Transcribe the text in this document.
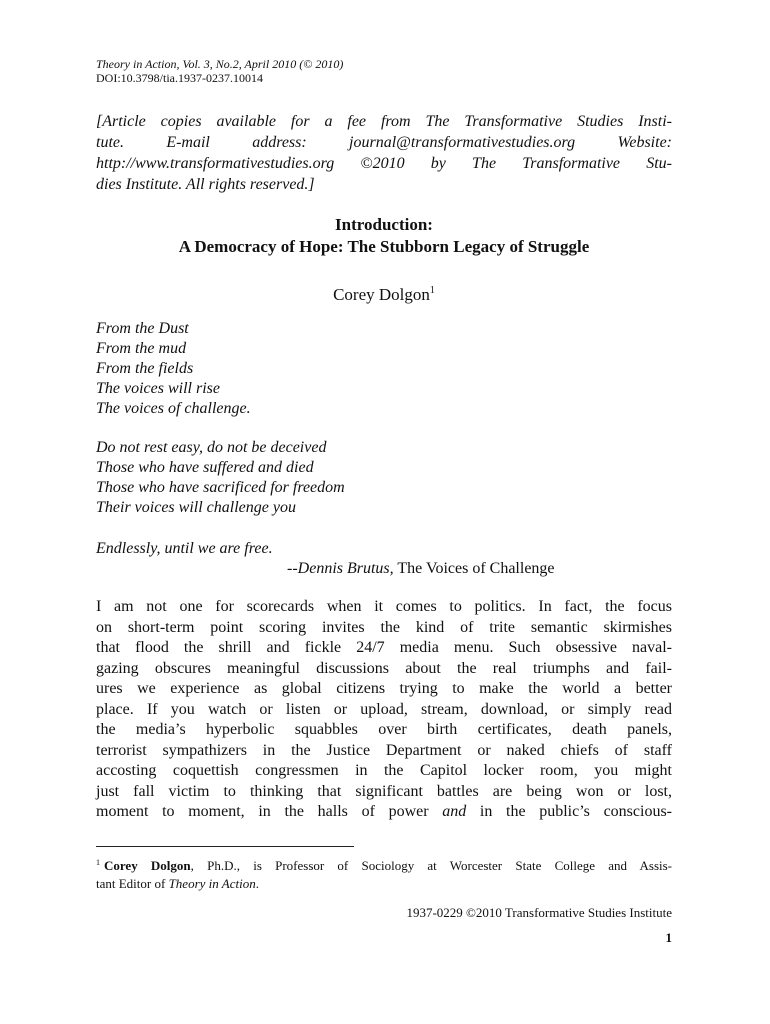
Theory in Action, Vol. 3, No.2, April 2010 (© 2010)
DOI:10.3798/tia.1937-0237.10014
[Article copies available for a fee from The Transformative Studies Insti-
tute. E-mail address: journal@transformativestudies.org Website:
http://www.transformativestudies.org ©2010 by The Transformative Stu-
dies Institute. All rights reserved.]
Introduction:
A Democracy of Hope: The Stubborn Legacy of Struggle
Corey Dolgon$^1$
From the Dust
From the mud
From the fields
The voices will rise
The voices of challenge.
Do not rest easy, do not be deceived
Those who have suffered and died
Those who have sacrificed for freedom
Their voices will challenge you
Endlessly, until we are free.
--Dennis Brutus, The Voices of Challenge
I am not one for scorecards when it comes to politics. In fact, the focus
on short-term point scoring invites the kind of trite semantic skirmishes
that flood the shrill and fickle 24/7 media menu. Such obsessive naval-
gazing obscures meaningful discussions about the real triumphs and fail-
ures we experience as global citizens trying to make the world a better
place. If you watch or listen or upload, stream, download, or simply read
the media’s hyperbolic squabbles over birth certificates, death panels,
terrorist sympathizers in the Justice Department or naked chiefs of staff
accosting coquettish congressmen in the Capitol locker room, you might
just fall victim to thinking that significant battles are being won or lost,
moment to moment, in the halls of power and in the public’s conscious-
$^1$ Corey Dolgon, Ph.D., is Professor of Sociology at Worcester State College and Assis-
tant Editor of Theory in Action.
1937-0229 ©2010 Transformative Studies Institute
1
